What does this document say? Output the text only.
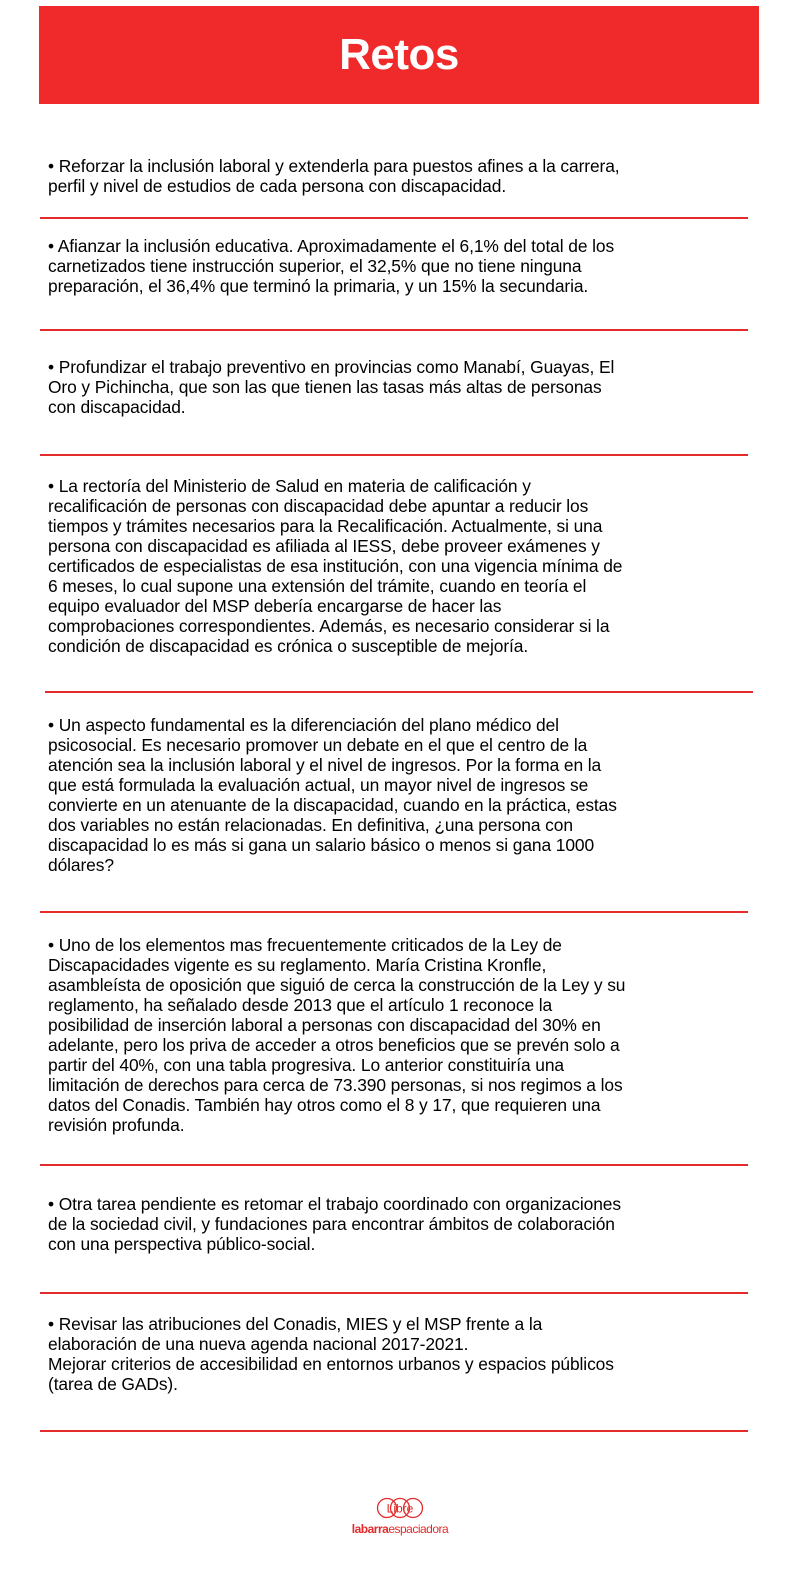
Retos

• Reforzar la inclusión laboral y extenderla para puestos afines a la carrera,
perfil y nivel de estudios de cada persona con discapacidad.

• Afianzar la inclusión educativa. Aproximadamente el 6,1% del total de los
carnetizados tiene instrucción superior, el 32,5% que no tiene ninguna
preparación, el 36,4% que terminó la primaria, y un 15% la secundaria.

• Profundizar el trabajo preventivo en provincias como Manabí, Guayas, El
Oro y Pichincha, que son las que tienen las tasas más altas de personas
con discapacidad.

• La rectoría del Ministerio de Salud en materia de calificación y
recalificación de personas con discapacidad debe apuntar a reducir los
tiempos y trámites necesarios para la Recalificación. Actualmente, si una
persona con discapacidad es afiliada al IESS, debe proveer exámenes y
certificados de especialistas de esa institución, con una vigencia mínima de
6 meses, lo cual supone una extensión del trámite, cuando en teoría el
equipo evaluador del MSP debería encargarse de hacer las
comprobaciones correspondientes. Además, es necesario considerar si la
condición de discapacidad es crónica o susceptible de mejoría.

• Un aspecto fundamental es la diferenciación del plano médico del
psicosocial. Es necesario promover un debate en el que el centro de la
atención sea la inclusión laboral y el nivel de ingresos. Por la forma en la
que está formulada la evaluación actual, un mayor nivel de ingresos se
convierte en un atenuante de la discapacidad, cuando en la práctica, estas
dos variables no están relacionadas. En definitiva, ¿una persona con
discapacidad lo es más si gana un salario básico o menos si gana 1000
dólares?

• Uno de los elementos mas frecuentemente criticados de la Ley de
Discapacidades vigente es su reglamento. María Cristina Kronfle,
asambleísta de oposición que siguió de cerca la construcción de la Ley y su
reglamento, ha señalado desde 2013 que el artículo 1 reconoce la
posibilidad de inserción laboral a personas con discapacidad del 30% en
adelante, pero los priva de acceder a otros beneficios que se prevén solo a
partir del 40%, con una tabla progresiva. Lo anterior constituiría una
limitación de derechos para cerca de 73.390 personas, si nos regimos a los
datos del Conadis. También hay otros como el 8 y 17, que requieren una
revisión profunda.

• Otra tarea pendiente es retomar el trabajo coordinado con organizaciones
de la sociedad civil, y fundaciones para encontrar ámbitos de colaboración
con una perspectiva público-social.

• Revisar las atribuciones del Conadis, MIES y el MSP frente a la
elaboración de una nueva agenda nacional 2017-2021.
Mejorar criterios de accesibilidad en entornos urbanos y espacios públicos
(tarea de GADs).

Libre
labarraespaciadora
